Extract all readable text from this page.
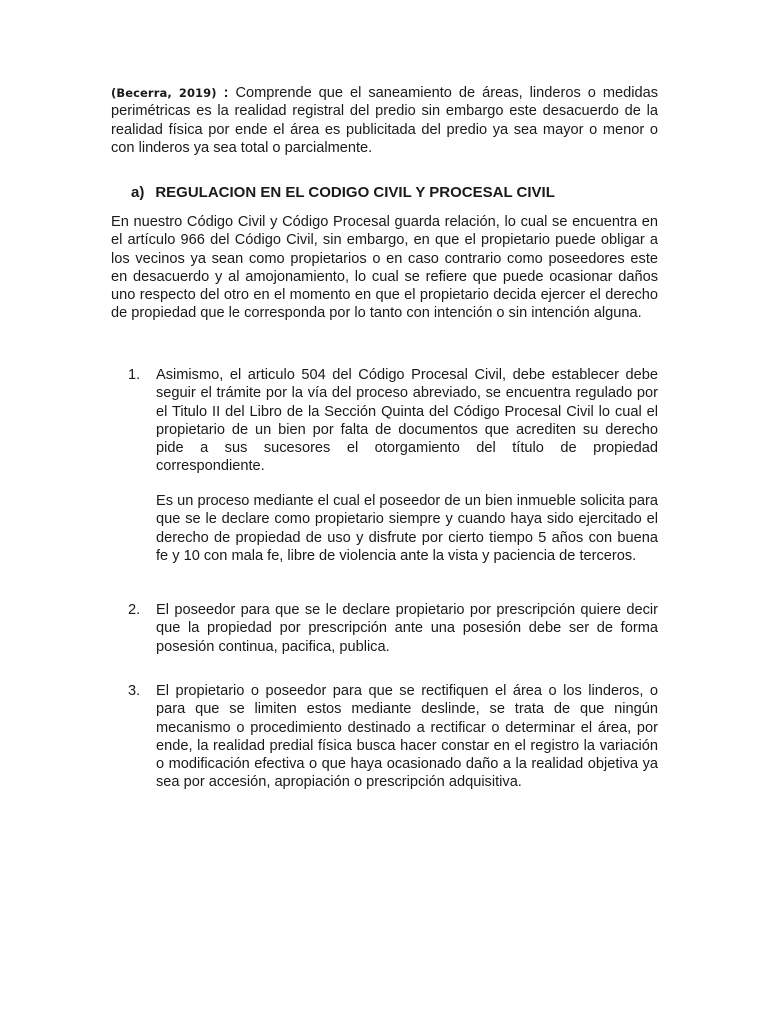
(Becerra, 2019) : Comprende que el saneamiento de áreas, linderos o medidas perimétricas es la realidad registral del predio sin embargo este desacuerdo de la realidad física por ende el área es publicitada del predio ya sea mayor o menor o con linderos ya sea total o parcialmente.

a) REGULACION EN EL CODIGO CIVIL Y PROCESAL CIVIL

En nuestro Código Civil y Código Procesal guarda relación, lo cual se encuentra en el artículo 966 del Código Civil, sin embargo, en que el propietario puede obligar a los vecinos ya sean como propietarios o en caso contrario como poseedores este en desacuerdo y al amojonamiento, lo cual se refiere que puede ocasionar daños uno respecto del otro en el momento en que el propietario decida ejercer el derecho de propiedad que le corresponda por lo tanto con intención o sin intención alguna.

1.	Asimismo, el articulo 504 del Código Procesal Civil, debe establecer debe seguir el trámite por la vía del proceso abreviado, se encuentra regulado por el Titulo II del Libro de la Sección Quinta del Código Procesal Civil lo cual el propietario de un bien por falta de documentos que acrediten su derecho pide a sus sucesores el otorgamiento del título de propiedad correspondiente.

Es un proceso mediante el cual el poseedor de un bien inmueble solicita para que se le declare como propietario siempre y cuando haya sido ejercitado el derecho de propiedad de uso y disfrute por cierto tiempo 5 años con buena fe y 10 con mala fe, libre de violencia ante la vista y paciencia de terceros.

2.	El poseedor para que se le declare propietario por prescripción quiere decir que la propiedad por prescripción ante una posesión debe ser de forma posesión continua, pacifica, publica.

3.	El propietario o poseedor para que se rectifiquen el área o los linderos, o para que se limiten estos mediante deslinde, se trata de que ningún mecanismo o procedimiento destinado a rectificar o determinar el área, por ende, la realidad predial física busca hacer constar en el registro la variación o modificación efectiva o que haya ocasionado daño a la realidad objetiva ya sea por accesión, apropiación o prescripción adquisitiva.
